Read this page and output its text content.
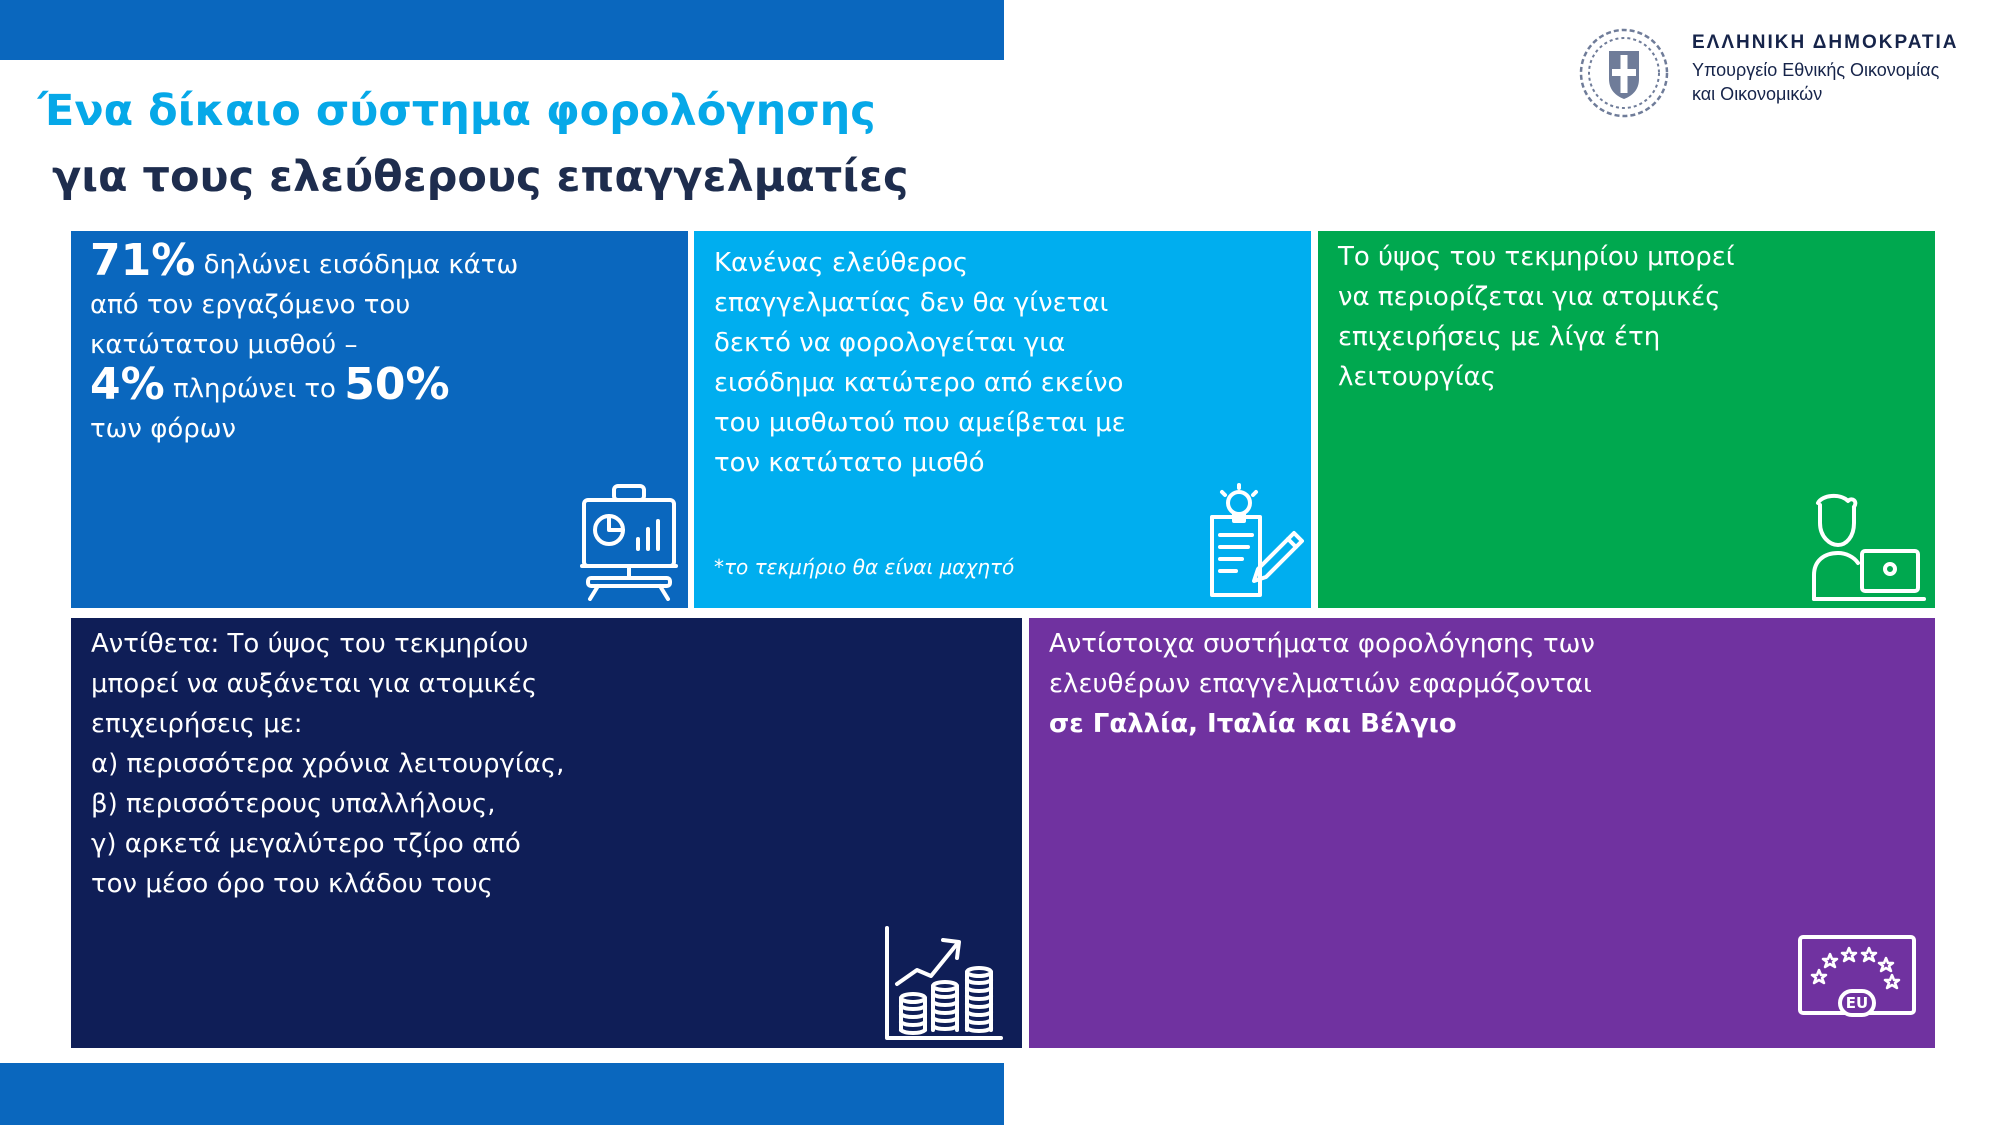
Ένα δίκαιο σύστημα φορολόγησης
για τους ελεύθερους επαγγελματίες
ΕΛΛΗΝΙΚΗ ΔΗΜΟΚΡΑΤΙΑ
Υπουργείο Εθνικής Οικονομίας
και Οικονομικών

71% δηλώνει εισόδημα κάτω

από τον εργαζόμενο του

κατώτατου μισθού –

4% πληρώνει το 50%

των φόρων

Κανένας ελεύθερος

επαγγελματίας δεν θα γίνεται

δεκτό να φορολογείται για

εισόδημα κατώτερο από εκείνο

του μισθωτού που αμείβεται με

τον κατώτατο μισθό

*το τεκμήριο θα είναι μαχητό

Το ύψος του τεκμηρίου μπορεί

να περιορίζεται για ατομικές

επιχειρήσεις με λίγα έτη

λειτουργίας

Αντίθετα: Το ύψος του τεκμηρίου

μπορεί να αυξάνεται για ατομικές

επιχειρήσεις με:

α) περισσότερα χρόνια λειτουργίας,

β) περισσότερους υπαλλήλους,

γ) αρκετά μεγαλύτερο τζίρο από

τον μέσο όρο του κλάδου τους

Αντίστοιχα συστήματα φορολόγησης των

ελευθέρων επαγγελματιών εφαρμόζονται

σε Γαλλία, Ιταλία και Βέλγιο

EU
